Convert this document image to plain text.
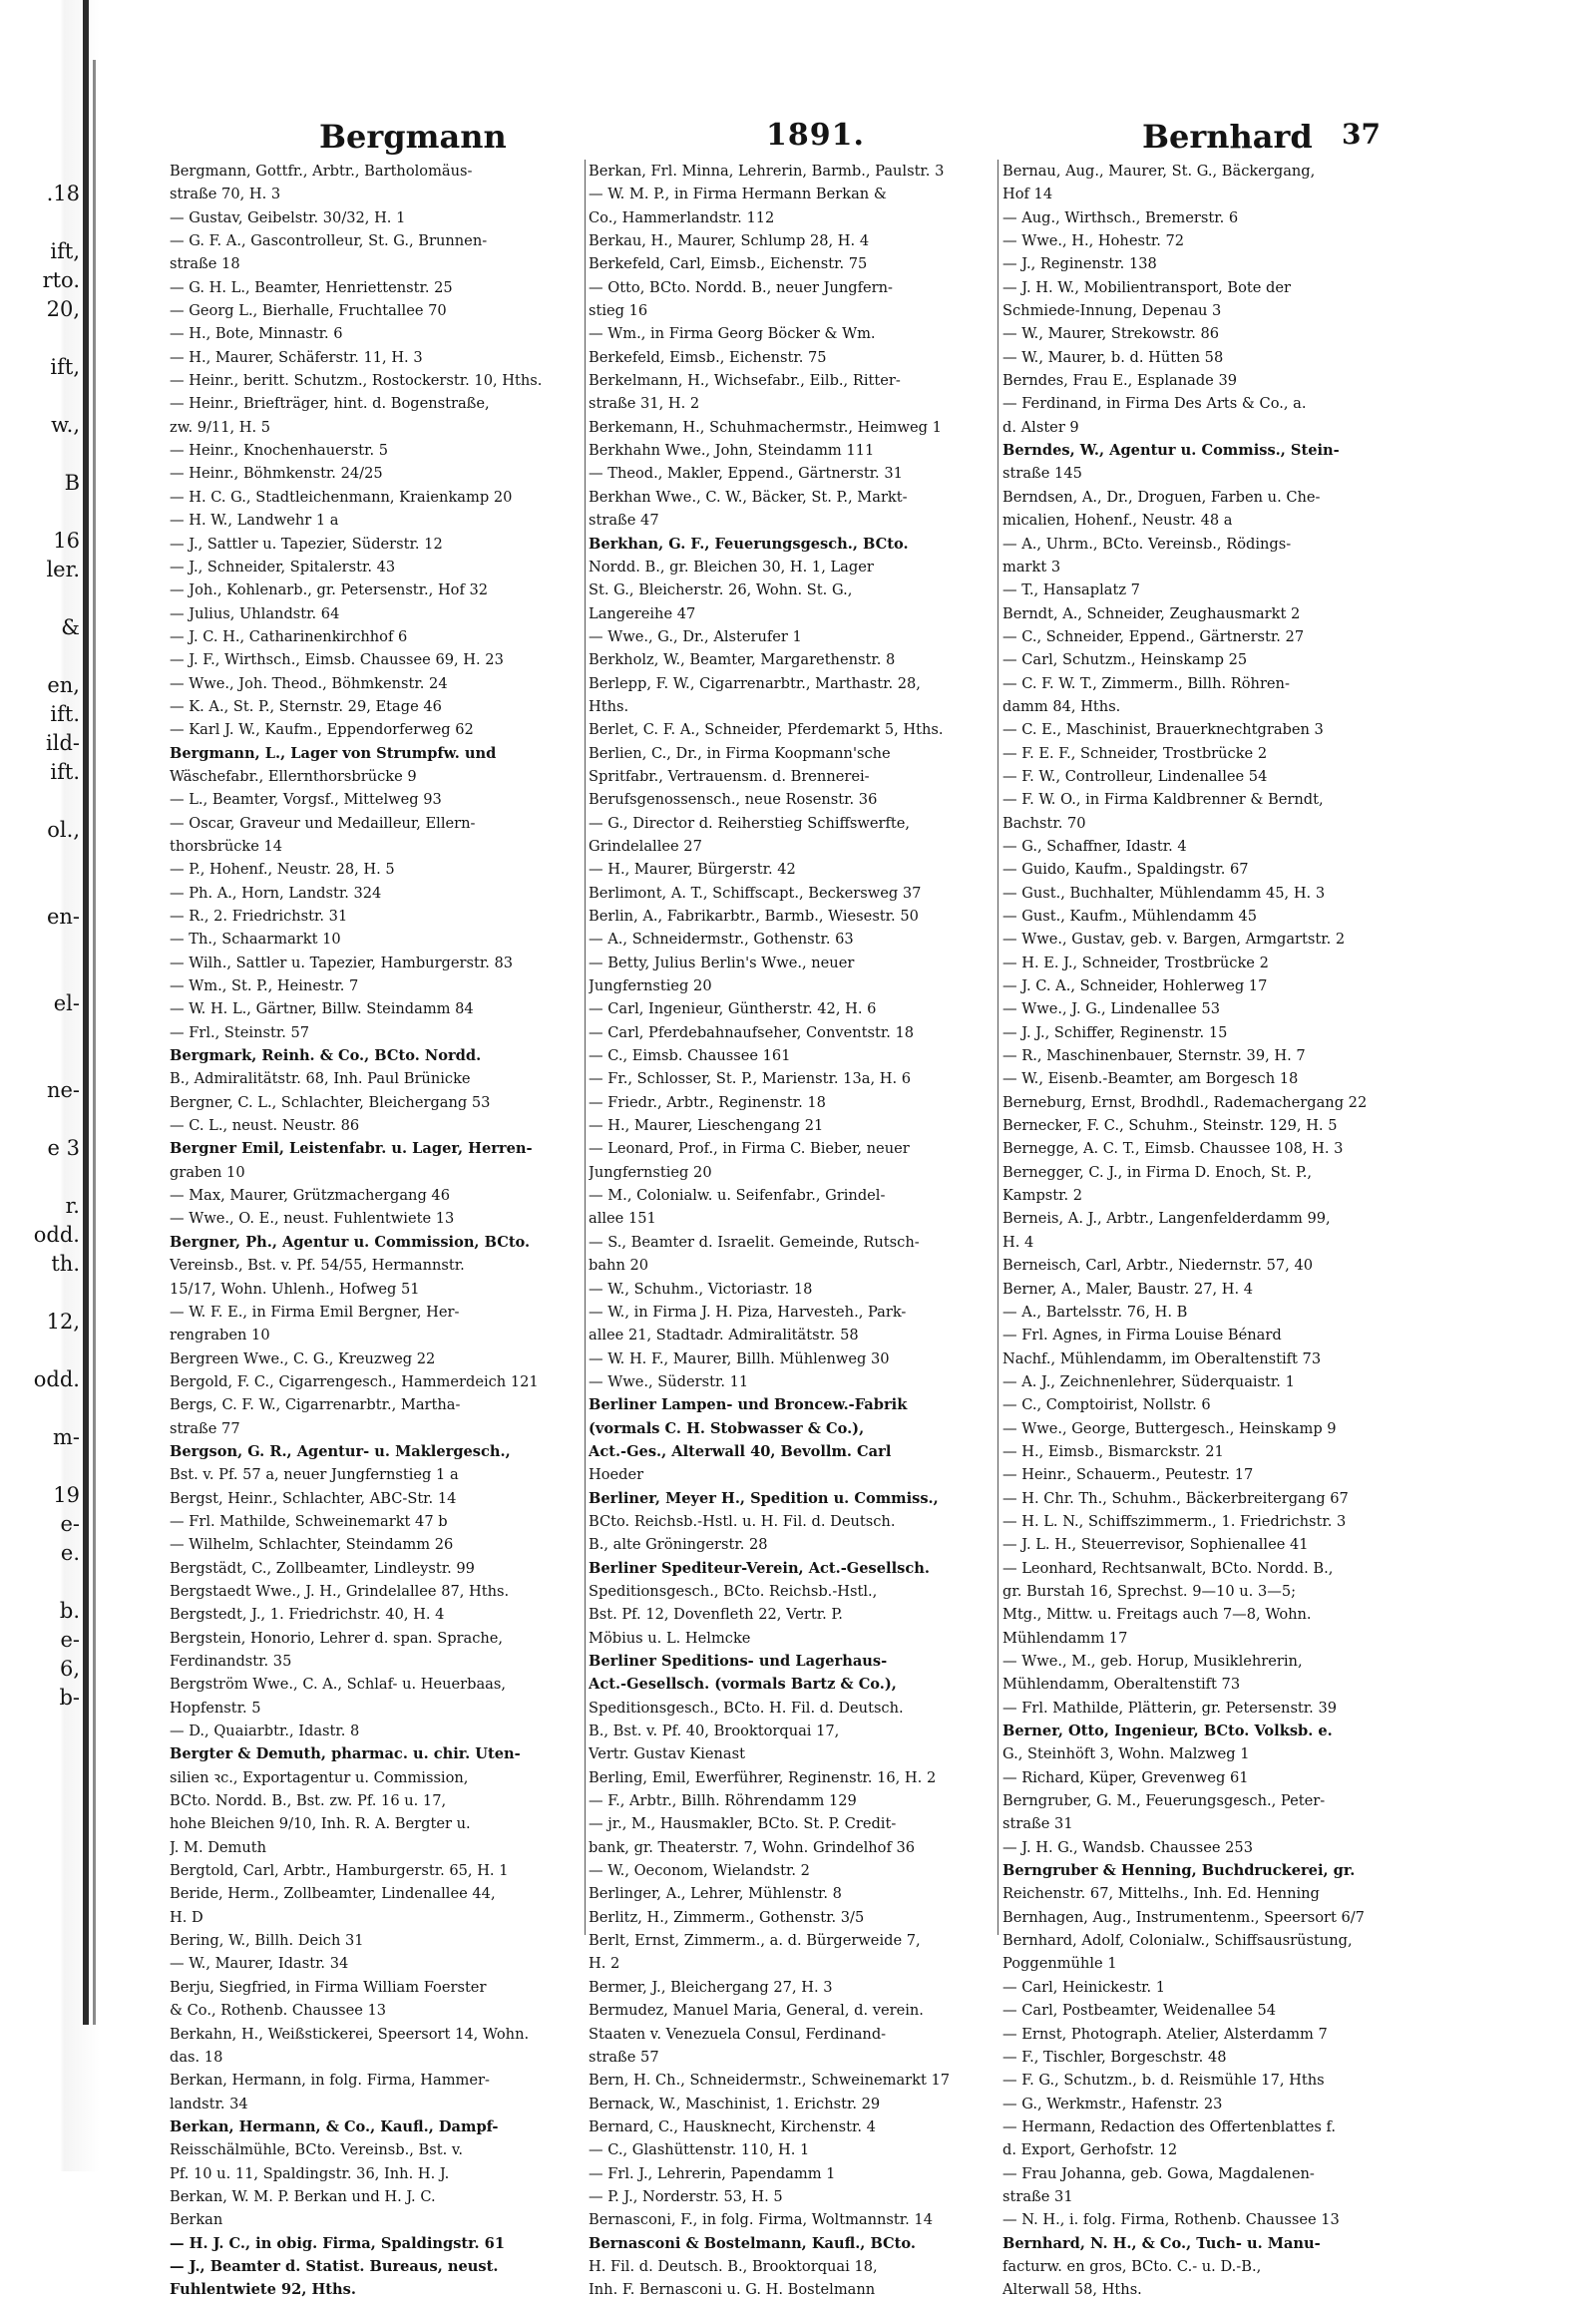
.18
ift,
rto.
20,
ift,
w.,
B
16
ler.
&
en,
ift.
ild-
ift.
ol.,
en-
el-
ne-
e 3
r.
odd.
th.
12,
odd.
m-
19
e-
e.
b.
e-
6,
b-
Bergmann	1891.	Bernhard 37
Bergmann, Gottfr., Arbtr., Bartholomäus-
straße 70, H. 3
— Gustav, Geibelstr. 30/32, H. 1
— G. F. A., Gascontrolleur, St. G., Brunnen-
straße 18
— G. H. L., Beamter, Henriettenstr. 25
— Georg L., Bierhalle, Fruchtallee 70
— H., Bote, Minnastr. 6
— H., Maurer, Schäferstr. 11, H. 3
— Heinr., beritt. Schutzm., Rostockerstr. 10, Hths.
— Heinr., Briefträger, hint. d. Bogenstraße,
zw. 9/11, H. 5
— Heinr., Knochenhauerstr. 5
— Heinr., Böhmkenstr. 24/25
— H. C. G., Stadtleichenmann, Kraienkamp 20
— H. W., Landwehr 1 a
— J., Sattler u. Tapezier, Süderstr. 12
— J., Schneider, Spitalerstr. 43
— Joh., Kohlenarb., gr. Petersenstr., Hof 32
— Julius, Uhlandstr. 64
— J. C. H., Catharinenkirchhof 6
— J. F., Wirthsch., Eimsb. Chaussee 69, H. 23
— Wwe., Joh. Theod., Böhmkenstr. 24
— K. A., St. P., Sternstr. 29, Etage 46
— Karl J. W., Kaufm., Eppendorferweg 62
Bergmann, L., Lager von Strumpfw. und
Wäschefabr., Ellernthorsbrücke 9
— L., Beamter, Vorgsf., Mittelweg 93
— Oscar, Graveur und Medailleur, Ellern-
thorsbrücke 14
— P., Hohenf., Neustr. 28, H. 5
— Ph. A., Horn, Landstr. 324
— R., 2. Friedrichstr. 31
— Th., Schaarmarkt 10
— Wilh., Sattler u. Tapezier, Hamburgerstr. 83
— Wm., St. P., Heinestr. 7
— W. H. L., Gärtner, Billw. Steindamm 84
— Frl., Steinstr. 57
Bergmark, Reinh. & Co., BCto. Nordd.
B., Admiralitätstr. 68, Inh. Paul Brünicke
Bergner, C. L., Schlachter, Bleichergang 53
— C. L., neust. Neustr. 86
Bergner Emil, Leistenfabr. u. Lager, Herren-
graben 10
— Max, Maurer, Grützmachergang 46
— Wwe., O. E., neust. Fuhlentwiete 13
Bergner, Ph., Agentur u. Commission, BCto.
Vereinsb., Bst. v. Pf. 54/55, Hermannstr.
15/17, Wohn. Uhlenh., Hofweg 51
— W. F. E., in Firma Emil Bergner, Her-
rengraben 10
Bergreen Wwe., C. G., Kreuzweg 22
Bergold, F. C., Cigarrengesch., Hammerdeich 121
Bergs, C. F. W., Cigarrenarbtr., Martha-
straße 77
Bergson, G. R., Agentur- u. Maklergesch.,
Bst. v. Pf. 57 a, neuer Jungfernstieg 1 a
Bergst, Heinr., Schlachter, ABC-Str. 14
— Frl. Mathilde, Schweinemarkt 47 b
— Wilhelm, Schlachter, Steindamm 26
Bergstädt, C., Zollbeamter, Lindleystr. 99
Bergstaedt Wwe., J. H., Grindelallee 87, Hths.
Bergstedt, J., 1. Friedrichstr. 40, H. 4
Bergstein, Honorio, Lehrer d. span. Sprache,
Ferdinandstr. 35
Bergström Wwe., C. A., Schlaf- u. Heuerbaas,
Hopfenstr. 5
— D., Quaiarbtr., Idastr. 8
Bergter & Demuth, pharmac. u. chir. Uten-
silien ꝛc., Exportagentur u. Commission,
BCto. Nordd. B., Bst. zw. Pf. 16 u. 17,
hohe Bleichen 9/10, Inh. R. A. Bergter u.
J. M. Demuth
Bergtold, Carl, Arbtr., Hamburgerstr. 65, H. 1
Beride, Herm., Zollbeamter, Lindenallee 44,
H. D
Bering, W., Billh. Deich 31
— W., Maurer, Idastr. 34
Berju, Siegfried, in Firma William Foerster
& Co., Rothenb. Chaussee 13
Berkahn, H., Weißstickerei, Speersort 14, Wohn.
das. 18
Berkan, Hermann, in folg. Firma, Hammer-
landstr. 34
Berkan, Hermann, & Co., Kaufl., Dampf-
Reisschälmühle, BCto. Vereinsb., Bst. v.
Pf. 10 u. 11, Spaldingstr. 36, Inh. H. J.
Berkan, W. M. P. Berkan und H. J. C.
Berkan
— H. J. C., in obig. Firma, Spaldingstr. 61
— J., Beamter d. Statist. Bureaus, neust.
Fuhlentwiete 92, Hths.
Berkan, Frl. Minna, Lehrerin, Barmb., Paulstr. 3
— W. M. P., in Firma Hermann Berkan &
Co., Hammerlandstr. 112
Berkau, H., Maurer, Schlump 28, H. 4
Berkefeld, Carl, Eimsb., Eichenstr. 75
— Otto, BCto. Nordd. B., neuer Jungfern-
stieg 16
— Wm., in Firma Georg Böcker & Wm.
Berkefeld, Eimsb., Eichenstr. 75
Berkelmann, H., Wichsefabr., Eilb., Ritter-
straße 31, H. 2
Berkemann, H., Schuhmachermstr., Heimweg 1
Berkhahn Wwe., John, Steindamm 111
— Theod., Makler, Eppend., Gärtnerstr. 31
Berkhan Wwe., C. W., Bäcker, St. P., Markt-
straße 47
Berkhan, G. F., Feuerungsgesch., BCto.
Nordd. B., gr. Bleichen 30, H. 1, Lager
St. G., Bleicherstr. 26, Wohn. St. G.,
Langereihe 47
— Wwe., G., Dr., Alsterufer 1
Berkholz, W., Beamter, Margarethenstr. 8
Berlepp, F. W., Cigarrenarbtr., Marthastr. 28,
Hths.
Berlet, C. F. A., Schneider, Pferdemarkt 5, Hths.
Berlien, C., Dr., in Firma Koopmann'sche
Spritfabr., Vertrauensm. d. Brennerei-
Berufsgenossensch., neue Rosenstr. 36
— G., Director d. Reiherstieg Schiffswerfte,
Grindelallee 27
— H., Maurer, Bürgerstr. 42
Berlimont, A. T., Schiffscapt., Beckersweg 37
Berlin, A., Fabrikarbtr., Barmb., Wiesestr. 50
— A., Schneidermstr., Gothenstr. 63
— Betty, Julius Berlin's Wwe., neuer
Jungfernstieg 20
— Carl, Ingenieur, Güntherstr. 42, H. 6
— Carl, Pferdebahnaufseher, Conventstr. 18
— C., Eimsb. Chaussee 161
— Fr., Schlosser, St. P., Marienstr. 13a, H. 6
— Friedr., Arbtr., Reginenstr. 18
— H., Maurer, Lieschengang 21
— Leonard, Prof., in Firma C. Bieber, neuer
Jungfernstieg 20
— M., Colonialw. u. Seifenfabr., Grindel-
allee 151
— S., Beamter d. Israelit. Gemeinde, Rutsch-
bahn 20
— W., Schuhm., Victoriastr. 18
— W., in Firma J. H. Piza, Harvesteh., Park-
allee 21, Stadtadr. Admiralitätstr. 58
— W. H. F., Maurer, Billh. Mühlenweg 30
— Wwe., Süderstr. 11
Berliner Lampen- und Broncew.-Fabrik
(vormals C. H. Stobwasser & Co.),
Act.-Ges., Alterwall 40, Bevollm. Carl
Hoeder
Berliner, Meyer H., Spedition u. Commiss.,
BCto. Reichsb.-Hstl. u. H. Fil. d. Deutsch.
B., alte Gröningerstr. 28
Berliner Spediteur-Verein, Act.-Gesellsch.
Speditionsgesch., BCto. Reichsb.-Hstl.,
Bst. Pf. 12, Dovenfleth 22, Vertr. P.
Möbius u. L. Helmcke
Berliner Speditions- und Lagerhaus-
Act.-Gesellsch. (vormals Bartz & Co.),
Speditionsgesch., BCto. H. Fil. d. Deutsch.
B., Bst. v. Pf. 40, Brooktorquai 17,
Vertr. Gustav Kienast
Berling, Emil, Ewerführer, Reginenstr. 16, H. 2
— F., Arbtr., Billh. Röhrendamm 129
— jr., M., Hausmakler, BCto. St. P. Credit-
bank, gr. Theaterstr. 7, Wohn. Grindelhof 36
— W., Oeconom, Wielandstr. 2
Berlinger, A., Lehrer, Mühlenstr. 8
Berlitz, H., Zimmerm., Gothenstr. 3/5
Berlt, Ernst, Zimmerm., a. d. Bürgerweide 7,
H. 2
Bermer, J., Bleichergang 27, H. 3
Bermudez, Manuel Maria, General, d. verein.
Staaten v. Venezuela Consul, Ferdinand-
straße 57
Bern, H. Ch., Schneidermstr., Schweinemarkt 17
Bernack, W., Maschinist, 1. Erichstr. 29
Bernard, C., Hausknecht, Kirchenstr. 4
— C., Glashüttenstr. 110, H. 1
— Frl. J., Lehrerin, Papendamm 1
— P. J., Norderstr. 53, H. 5
Bernasconi, F., in folg. Firma, Woltmannstr. 14
Bernasconi & Bostelmann, Kaufl., BCto.
H. Fil. d. Deutsch. B., Brooktorquai 18,
Inh. F. Bernasconi u. G. H. Bostelmann
Bernau, Aug., Maurer, St. G., Bäckergang,
Hof 14
— Aug., Wirthsch., Bremerstr. 6
— Wwe., H., Hohestr. 72
— J., Reginenstr. 138
— J. H. W., Mobilientransport, Bote der
Schmiede-Innung, Depenau 3
— W., Maurer, Strekowstr. 86
— W., Maurer, b. d. Hütten 58
Berndes, Frau E., Esplanade 39
— Ferdinand, in Firma Des Arts & Co., a.
d. Alster 9
Berndes, W., Agentur u. Commiss., Stein-
straße 145
Berndsen, A., Dr., Droguen, Farben u. Che-
micalien, Hohenf., Neustr. 48 a
— A., Uhrm., BCto. Vereinsb., Rödings-
markt 3
— T., Hansaplatz 7
Berndt, A., Schneider, Zeughausmarkt 2
— C., Schneider, Eppend., Gärtnerstr. 27
— Carl, Schutzm., Heinskamp 25
— C. F. W. T., Zimmerm., Billh. Röhren-
damm 84, Hths.
— C. E., Maschinist, Brauerknechtgraben 3
— F. E. F., Schneider, Trostbrücke 2
— F. W., Controlleur, Lindenallee 54
— F. W. O., in Firma Kaldbrenner & Berndt,
Bachstr. 70
— G., Schaffner, Idastr. 4
— Guido, Kaufm., Spaldingstr. 67
— Gust., Buchhalter, Mühlendamm 45, H. 3
— Gust., Kaufm., Mühlendamm 45
— Wwe., Gustav, geb. v. Bargen, Armgartstr. 2
— H. E. J., Schneider, Trostbrücke 2
— J. C. A., Schneider, Hohlerweg 17
— Wwe., J. G., Lindenallee 53
— J. J., Schiffer, Reginenstr. 15
— R., Maschinenbauer, Sternstr. 39, H. 7
— W., Eisenb.-Beamter, am Borgesch 18
Berneburg, Ernst, Brodhdl., Rademachergang 22
Bernecker, F. C., Schuhm., Steinstr. 129, H. 5
Bernegge, A. C. T., Eimsb. Chaussee 108, H. 3
Bernegger, C. J., in Firma D. Enoch, St. P.,
Kampstr. 2
Berneis, A. J., Arbtr., Langenfelderdamm 99,
H. 4
Berneisch, Carl, Arbtr., Niedernstr. 57, 40
Berner, A., Maler, Baustr. 27, H. 4
— A., Bartelsstr. 76, H. B
— Frl. Agnes, in Firma Louise Bénard
Nachf., Mühlendamm, im Oberaltenstift 73
— A. J., Zeichnenlehrer, Süderquaistr. 1
— C., Comptoirist, Nollstr. 6
— Wwe., George, Buttergesch., Heinskamp 9
— H., Eimsb., Bismarckstr. 21
— Heinr., Schauerm., Peutestr. 17
— H. Chr. Th., Schuhm., Bäckerbreitergang 67
— H. L. N., Schiffszimmerm., 1. Friedrichstr. 3
— J. L. H., Steuerrevisor, Sophienallee 41
— Leonhard, Rechtsanwalt, BCto. Nordd. B.,
gr. Burstah 16, Sprechst. 9—10 u. 3—5;
Mtg., Mittw. u. Freitags auch 7—8, Wohn.
Mühlendamm 17
— Wwe., M., geb. Horup, Musiklehrerin,
Mühlendamm, Oberaltenstift 73
— Frl. Mathilde, Plätterin, gr. Petersenstr. 39
Berner, Otto, Ingenieur, BCto. Volksb. e.
G., Steinhöft 3, Wohn. Malzweg 1
— Richard, Küper, Grevenweg 61
Berngruber, G. M., Feuerungsgesch., Peter-
straße 31
— J. H. G., Wandsb. Chaussee 253
Berngruber & Henning, Buchdruckerei, gr.
Reichenstr. 67, Mittelhs., Inh. Ed. Henning
Bernhagen, Aug., Instrumentenm., Speersort 6/7
Bernhard, Adolf, Colonialw., Schiffsausrüstung,
Poggenmühle 1
— Carl, Heinickestr. 1
— Carl, Postbeamter, Weidenallee 54
— Ernst, Photograph. Atelier, Alsterdamm 7
— F., Tischler, Borgeschstr. 48
— F. G., Schutzm., b. d. Reismühle 17, Hths
— G., Werkmstr., Hafenstr. 23
— Hermann, Redaction des Offertenblattes f.
d. Export, Gerhofstr. 12
— Frau Johanna, geb. Gowa, Magdalenen-
straße 31
— N. H., i. folg. Firma, Rothenb. Chaussee 13
Bernhard, N. H., & Co., Tuch- u. Manu-
facturw. en gros, BCto. C.- u. D.-B.,
Alterwall 58, Hths.
